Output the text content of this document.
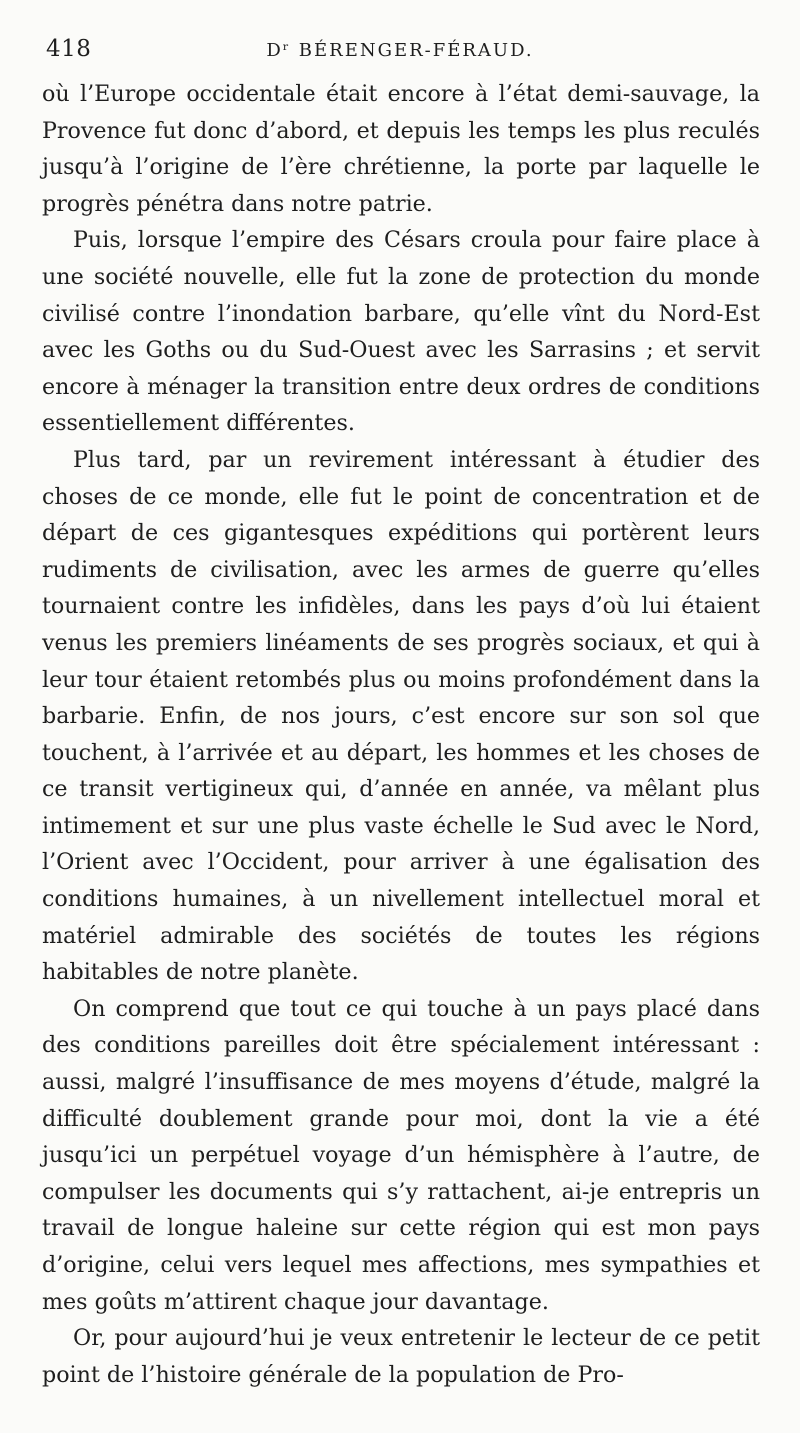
418	Dʳ BÉRENGER-FÉRAUD.

où l’Europe occidentale était encore à l’état demi-sauvage, la Provence fut donc d’abord, et depuis les temps les plus reculés jusqu’à l’origine de l’ère chrétienne, la porte par laquelle le progrès pénétra dans notre patrie.

Puis, lorsque l’empire des Césars croula pour faire place à une société nouvelle, elle fut la zone de protection du monde civilisé contre l’inondation barbare, qu’elle vînt du Nord-Est avec les Goths ou du Sud-Ouest avec les Sarrasins ; et servit encore à ménager la transition entre deux ordres de conditions essentiellement différentes.

Plus tard, par un revirement intéressant à étudier des choses de ce monde, elle fut le point de concentration et de départ de ces gigantesques expéditions qui portèrent leurs rudiments de civilisation, avec les armes de guerre qu’elles tournaient contre les infidèles, dans les pays d’où lui étaient venus les premiers linéaments de ses progrès sociaux, et qui à leur tour étaient retombés plus ou moins profondément dans la barbarie. Enfin, de nos jours, c’est encore sur son sol que touchent, à l’arrivée et au départ, les hommes et les choses de ce transit vertigineux qui, d’année en année, va mêlant plus intimement et sur une plus vaste échelle le Sud avec le Nord, l’Orient avec l’Occident, pour arriver à une égalisation des conditions humaines, à un nivellement intellectuel moral et matériel admirable des sociétés de toutes les régions habitables de notre planète.

On comprend que tout ce qui touche à un pays placé dans des conditions pareilles doit être spécialement intéressant : aussi, malgré l’insuffisance de mes moyens d’étude, malgré la difficulté doublement grande pour moi, dont la vie a été jusqu’ici un perpétuel voyage d’un hémisphère à l’autre, de compulser les documents qui s’y rattachent, ai-je entrepris un travail de longue haleine sur cette région qui est mon pays d’origine, celui vers lequel mes affections, mes sympathies et mes goûts m’attirent chaque jour davantage.

Or, pour aujourd’hui je veux entretenir le lecteur de ce petit point de l’histoire générale de la population de Pro-
